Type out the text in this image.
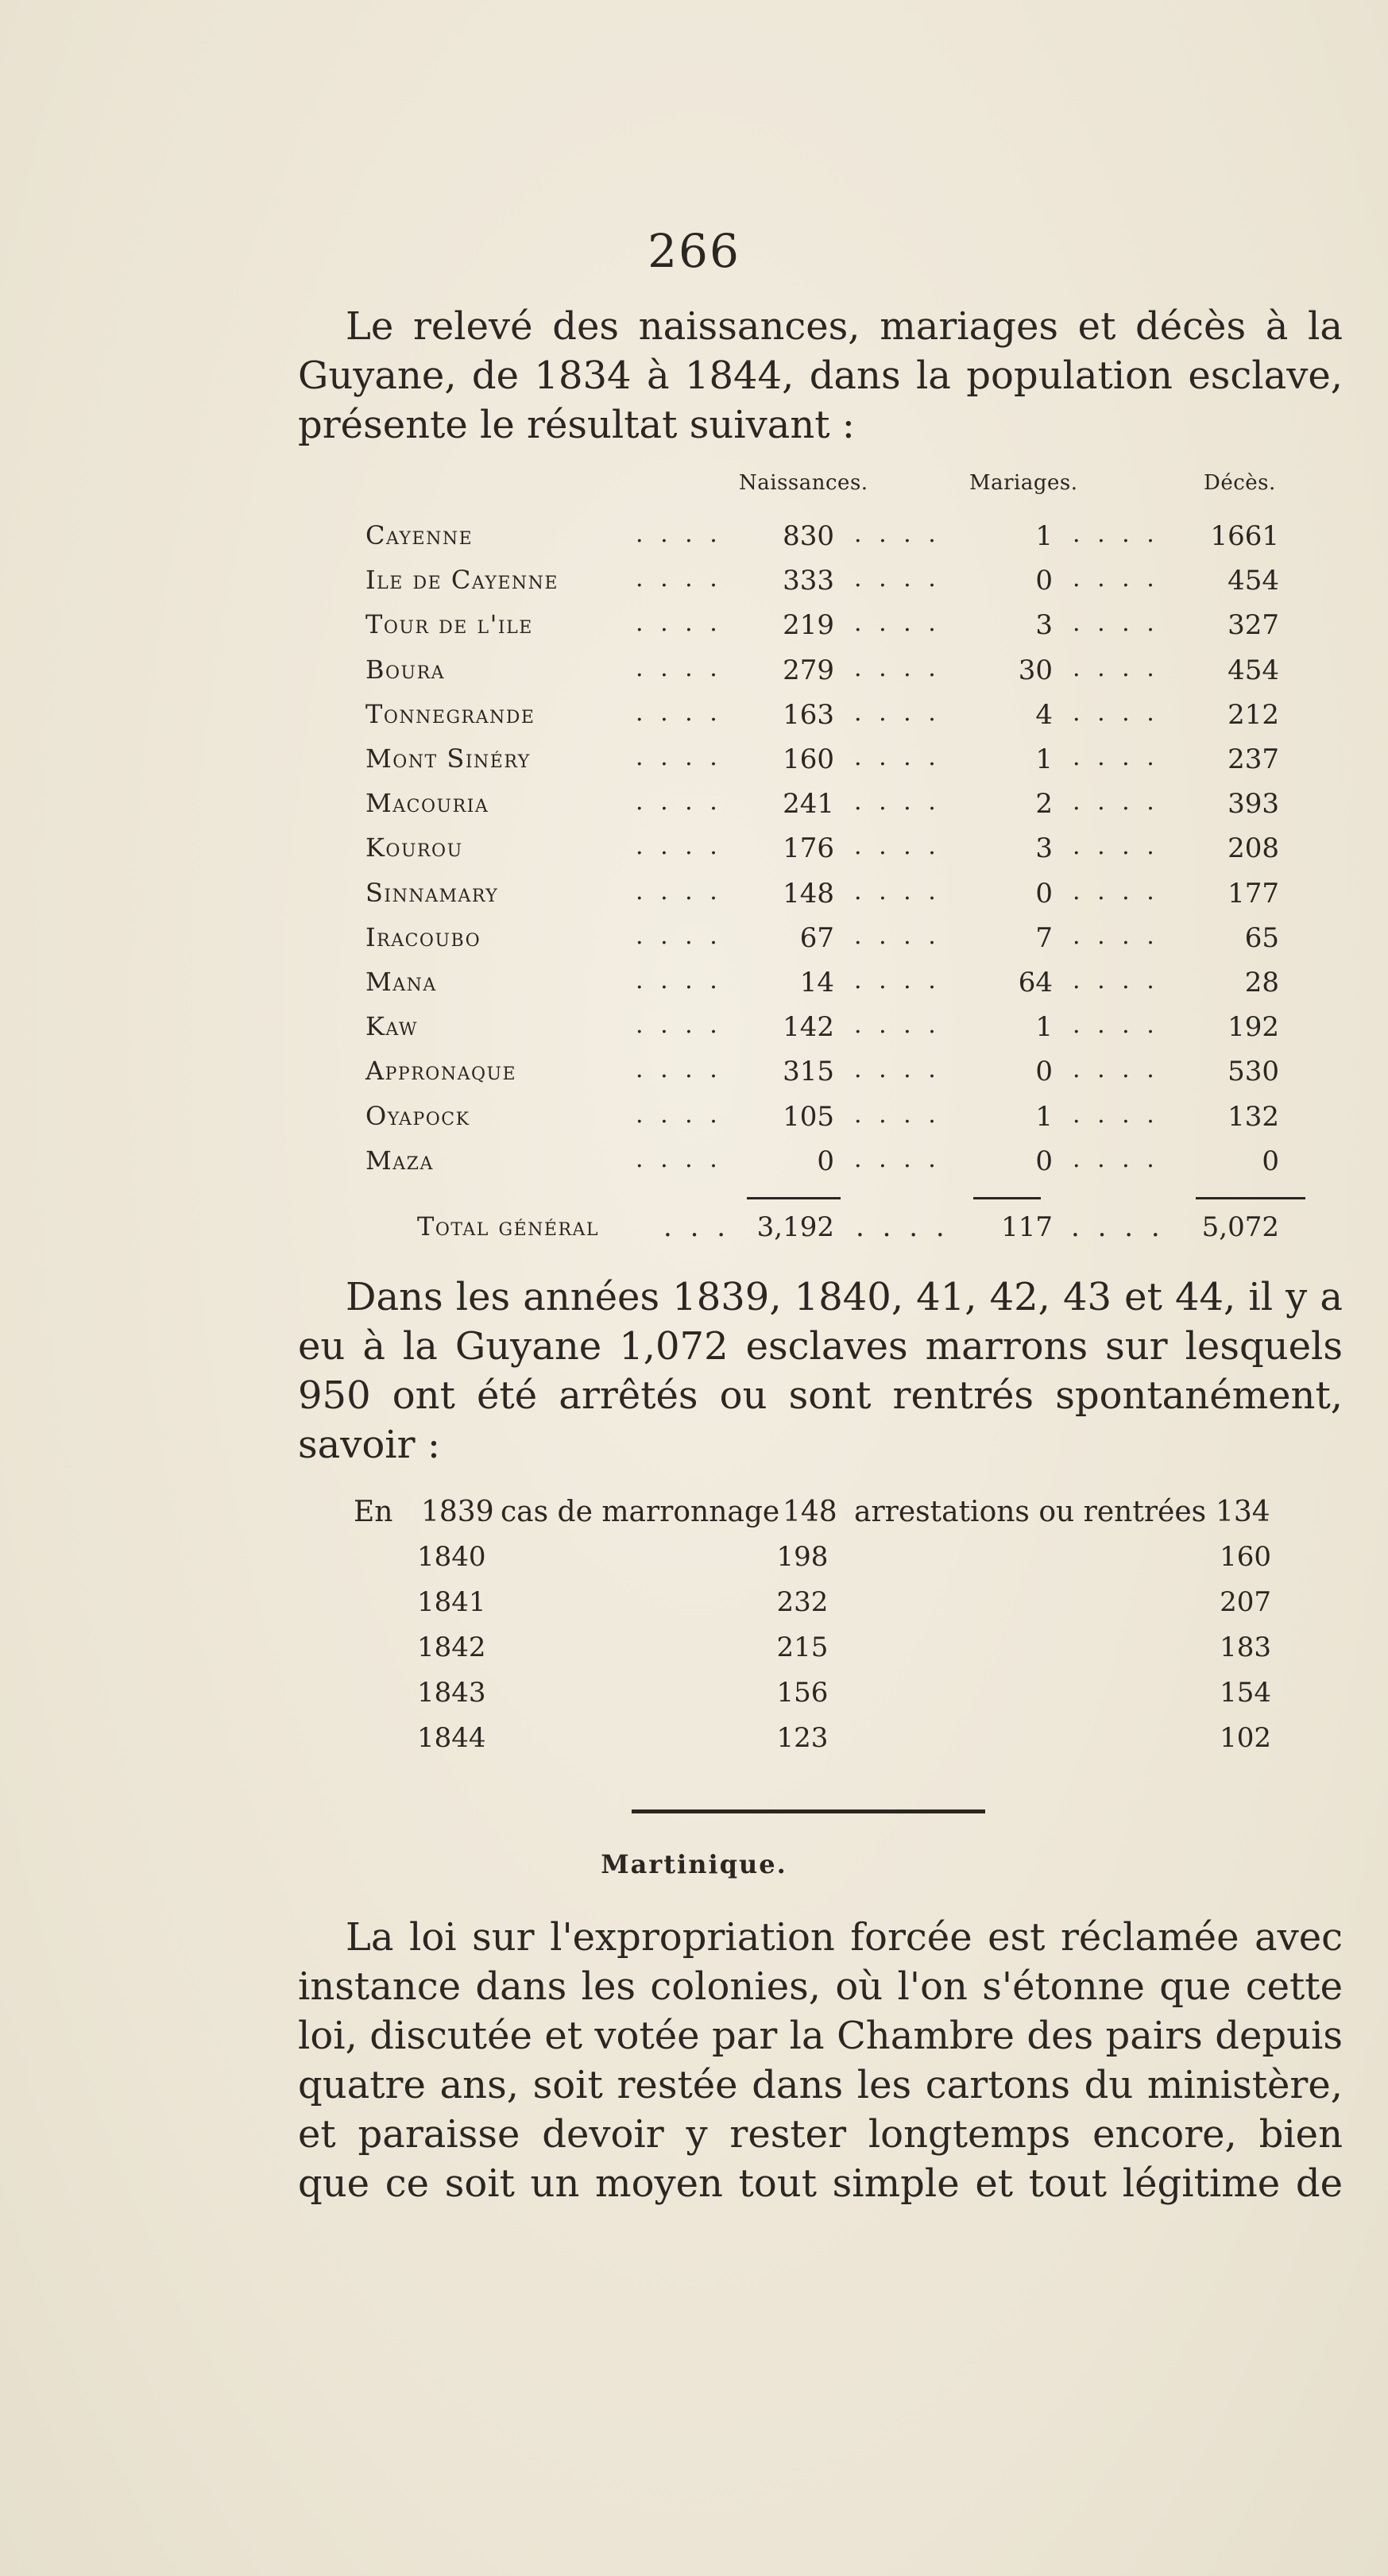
266
Le relevé des naissances, mariages et décès à la
Guyane, de 1834 à 1844, dans la population esclave,
présente le résultat suivant :
Naissances.	Mariages.	Décès.
Cayenne	. . . .	830 . . . .	1 . . . .	1661
Ile de Cayenne	. . . .	333 . . . .	0 . . . .	454
Tour de l'ile	. . . .	219 . . . .	3 . . . .	327
Boura	. . . .	279 . . . .	30 . . . .	454
Tonnegrande	. . . .	163 . . . .	4 . . . .	212
Mont Sinéry	. . . .	160 . . . .	1 . . . .	237
Macouria	. . . .	241 . . . .	2 . . . .	393
Kourou	. . . .	176 . . . .	3 . . . .	208
Sinnamary	. . . .	148 . . . .	0 . . . .	177
Iracoubo	. . . .	67 . . . .	7 . . . .	65
Mana	. . . .	14 . . . .	64 . . . .	28
Kaw	. . . .	142 . . . .	1 . . . .	192
Appronaque	. . . .	315 . . . .	0 . . . .	530
Oyapock	. . . .	105 . . . .	1 . . . .	132
Maza	. . . .	0 . . . .	0 . . . .	0
Total général . . . 3,192 . . . .	117 . . . .	5,072
Dans les années 1839, 1840, 41, 42, 43 et 44, il y a
eu à la Guyane 1,072 esclaves marrons sur lesquels
950 ont été arrêtés ou sont rentrés spontanément,
savoir :
En 1839 cas de marronnage 148 arrestations ou rentrées 134
1840	198	160
1841	232	207
1842	215	183
1843	156	154
1844	123	102
Martinique.
La loi sur l'expropriation forcée est réclamée avec
instance dans les colonies, où l'on s'étonne que cette
loi, discutée et votée par la Chambre des pairs depuis
quatre ans, soit restée dans les cartons du ministère,
et paraisse devoir y rester longtemps encore, bien
que ce soit un moyen tout simple et tout légitime de
